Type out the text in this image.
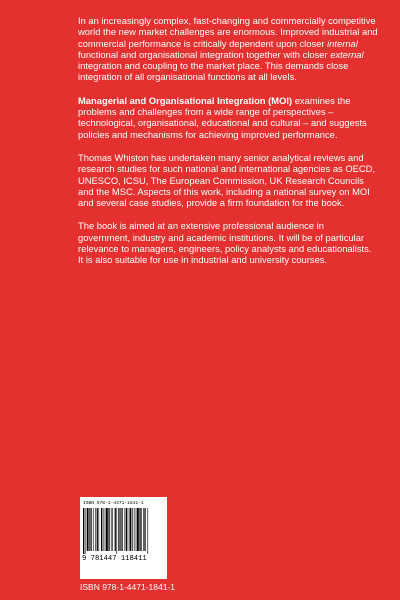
In an increasingly complex, fast-changing and commercially competitive world the new market challenges are enormous. Improved industrial and commercial performance is critically dependent upon closer internal functional and organisational integration together with closer external integration and coupling to the market place. This demands close integration of all organisational functions at all levels.

Managerial and Organisational Integration (MOI) examines the problems and challenges from a wide range of perspectives – technological, organisational, educational and cultural – and suggests policies and mechanisms for achieving improved performance.

Thomas Whiston has undertaken many senior analytical reviews and research studies for such national and international agencies as OECD, UNESCO, ICSU, The European Commission, UK Research Councils and the MSC. Aspects of this work, including a national survey on MOI and several case studies, provide a firm foundation for the book.

The book is aimed at an extensive professional audience in government, industry and academic institutions. It will be of particular relevance to managers, engineers, policy analysts and educationalists. It is also suitable for use in industrial and university courses.

ISBN 978-1-4471-1841-1
9 781447 118411
ISBN 978-1-4471-1841-1
